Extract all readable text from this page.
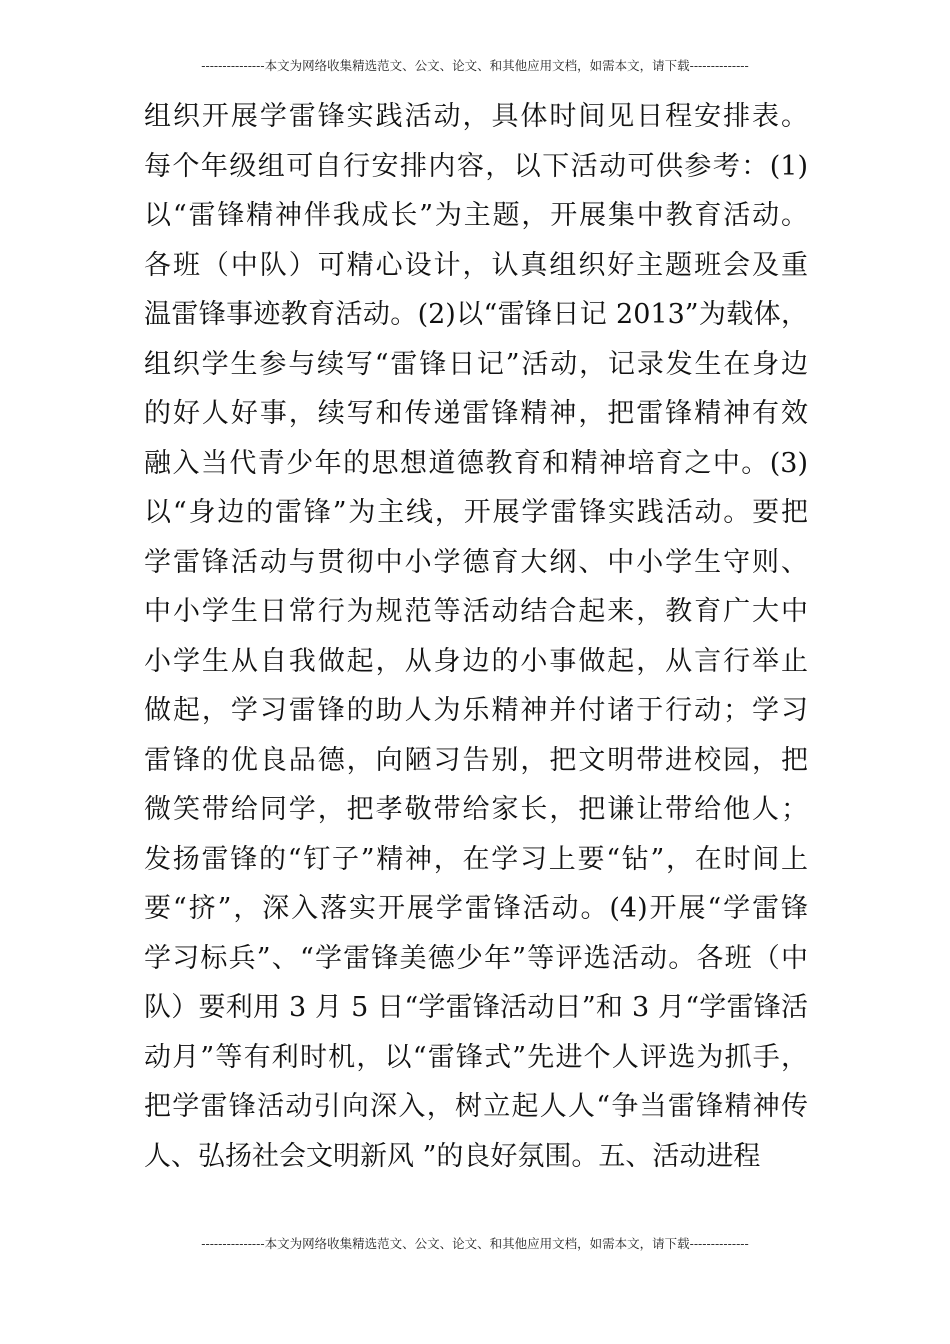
---------------本文为网络收集精选范文、公文、论文、和其他应用文档，如需本文，请下载--------------
组织开展学雷锋实践活动，具体时间见日程安排表。
每个年级组可自行安排内容，以下活动可供参考：(1)
以“雷锋精神伴我成长”为主题，开展集中教育活动。
各班（中队）可精心设计，认真组织好主题班会及重
温雷锋事迹教育活动。(2)以“雷锋日记 2013”为载体，
组织学生参与续写“雷锋日记”活动，记录发生在身边
的好人好事，续写和传递雷锋精神，把雷锋精神有效
融入当代青少年的思想道德教育和精神培育之中。(3)
以“身边的雷锋”为主线，开展学雷锋实践活动。要把
学雷锋活动与贯彻中小学德育大纲、中小学生守则、
中小学生日常行为规范等活动结合起来，教育广大中
小学生从自我做起，从身边的小事做起，从言行举止
做起，学习雷锋的助人为乐精神并付诸于行动；学习
雷锋的优良品德，向陋习告别，把文明带进校园，把
微笑带给同学，把孝敬带给家长，把谦让带给他人；
发扬雷锋的“钉子”精神，在学习上要“钻”，在时间上
要“挤”，深入落实开展学雷锋活动。(4)开展“学雷锋
学习标兵”、“学雷锋美德少年”等评选活动。各班（中
队）要利用 3 月 5 日“学雷锋活动日”和 3 月“学雷锋活
动月”等有利时机，以“雷锋式”先进个人评选为抓手，
把学雷锋活动引向深入，树立起人人“争当雷锋精神传
人、弘扬社会文明新风 ”的良好氛围。五、活动进程
---------------本文为网络收集精选范文、公文、论文、和其他应用文档，如需本文，请下载--------------
